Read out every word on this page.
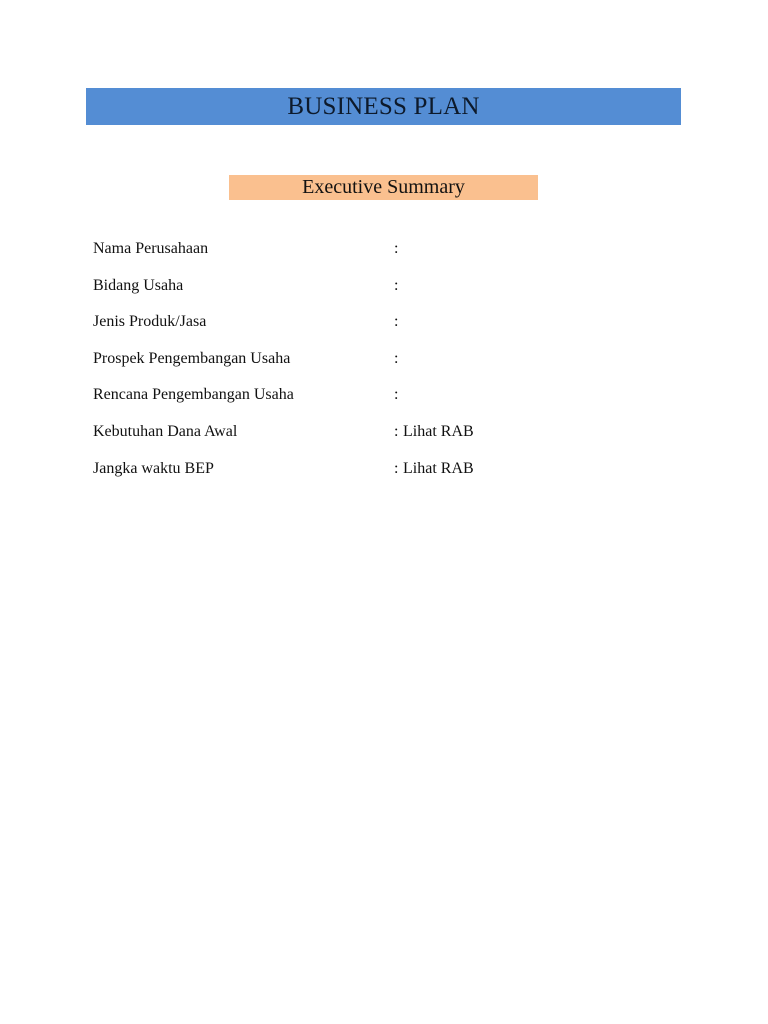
BUSINESS PLAN
Executive Summary
Nama Perusahaan	:
Bidang Usaha	:
Jenis Produk/Jasa	:
Prospek Pengembangan Usaha	:
Rencana Pengembangan Usaha	:
Kebutuhan Dana Awal	: Lihat RAB
Jangka waktu BEP	: Lihat RAB
